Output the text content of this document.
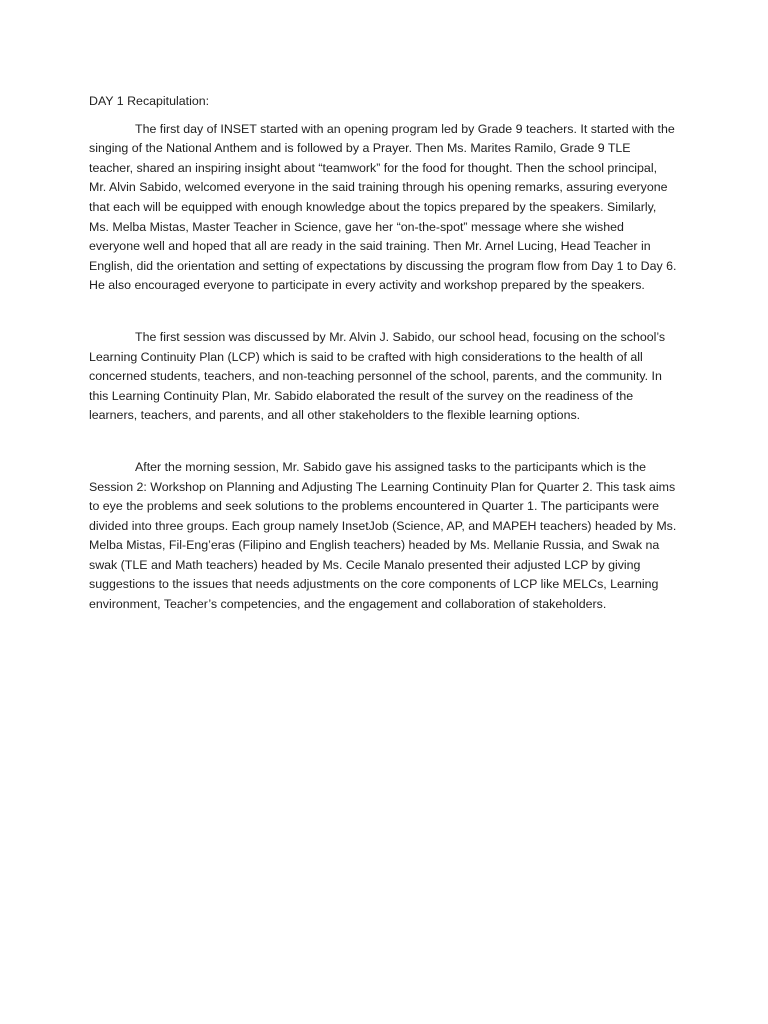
DAY 1 Recapitulation:

The first day of INSET started with an opening program led by Grade 9 teachers. It started with the singing of the National Anthem and is followed by a Prayer. Then Ms. Marites Ramilo, Grade 9 TLE teacher, shared an inspiring insight about “teamwork” for the food for thought. Then the school principal, Mr. Alvin Sabido, welcomed everyone in the said training through his opening remarks, assuring everyone that each will be equipped with enough knowledge about the topics prepared by the speakers. Similarly, Ms. Melba Mistas, Master Teacher in Science, gave her “on-the-spot” message where she wished everyone well and hoped that all are ready in the said training. Then Mr. Arnel Lucing, Head Teacher in English, did the orientation and setting of expectations by discussing the program flow from Day 1 to Day 6. He also encouraged everyone to participate in every activity and workshop prepared by the speakers.

The first session was discussed by Mr. Alvin J. Sabido, our school head, focusing on the school’s Learning Continuity Plan (LCP) which is said to be crafted with high considerations to the health of all concerned students, teachers, and non-teaching personnel of the school, parents, and the community. In this Learning Continuity Plan, Mr. Sabido elaborated the result of the survey on the readiness of the learners, teachers, and parents, and all other stakeholders to the flexible learning options.

After the morning session, Mr. Sabido gave his assigned tasks to the participants which is the Session 2: Workshop on Planning and Adjusting The Learning Continuity Plan for Quarter 2. This task aims to eye the problems and seek solutions to the problems encountered in Quarter 1. The participants were divided into three groups. Each group namely InsetJob (Science, AP, and MAPEH teachers) headed by Ms. Melba Mistas, Fil-Eng’eras (Filipino and English teachers) headed by Ms. Mellanie Russia, and Swak na swak (TLE and Math teachers) headed by Ms. Cecile Manalo presented their adjusted LCP by giving suggestions to the issues that needs adjustments on the core components of LCP like MELCs, Learning environment, Teacher’s competencies, and the engagement and collaboration of stakeholders.
